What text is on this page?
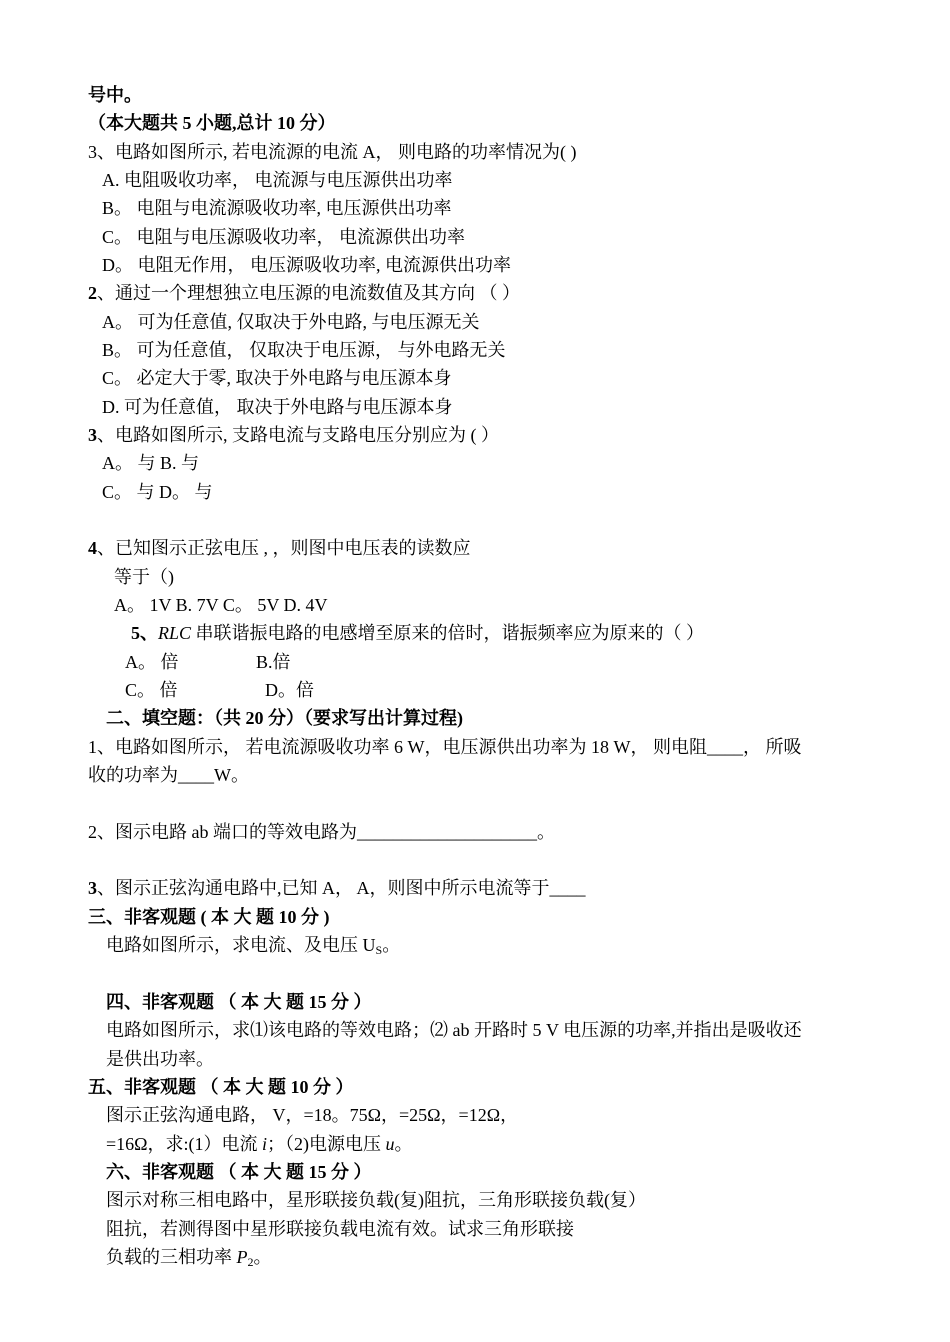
号中。
（本大题共 5 小题,总计 10 分）
3、电路如图所示, 若电流源的电流 A， 则电路的功率情况为( )
A. 电阻吸收功率， 电流源与电压源供出功率
B。 电阻与电流源吸收功率, 电压源供出功率
C。 电阻与电压源吸收功率， 电流源供出功率
D。 电阻无作用， 电压源吸收功率, 电流源供出功率
2、通过一个理想独立电压源的电流数值及其方向 （ ）
A。 可为任意值, 仅取决于外电路, 与电压源无关
B。 可为任意值， 仅取决于电压源， 与外电路无关
C。 必定大于零, 取决于外电路与电压源本身
D. 可为任意值， 取决于外电路与电压源本身
3、电路如图所示, 支路电流与支路电压分别应为 ( ）
A。 与 B. 与
C。 与 D。 与
4、已知图示正弦电压 , ，则图中电压表的读数应
等于（)
A。 1V B. 7V C。 5V D. 4V
5、RLC 串联谐振电路的电感增至原来的倍时，谐振频率应为原来的（ ）
A。 倍	B.倍
C。 倍	D。倍
二、填空题：（共 20 分）（要求写出计算过程)
1、电路如图所示， 若电流源吸收功率 6 W，电压源供出功率为 18 W， 则电阻____， 所吸
收的功率为____W。
2、图示电路 ab 端口的等效电路为____________________。
3、图示正弦沟通电路中,已知 A， A，则图中所示电流等于____
三、非客观题 ( 本 大 题 10 分 )
电路如图所示，求电流、及电压 $U_S$。
四、非客观题 （ 本 大 题 15 分 ）
电路如图所示，求⑴该电路的等效电路；⑵ ab 开路时 5 V 电压源的功率,并指出是吸收还
是供出功率。
五、非客观题 （ 本 大 题 10 分 ）
图示正弦沟通电路， V，=18。75Ω，=25Ω，=12Ω，
=16Ω，求:(1）电流 i；（2)电源电压 u。
六、非客观题 （ 本 大 题 15 分 ）
图示对称三相电路中，星形联接负载(复)阻抗，三角形联接负载(复）
阻抗，若测得图中星形联接负载电流有效。试求三角形联接
负载的三相功率 $P_2$。
